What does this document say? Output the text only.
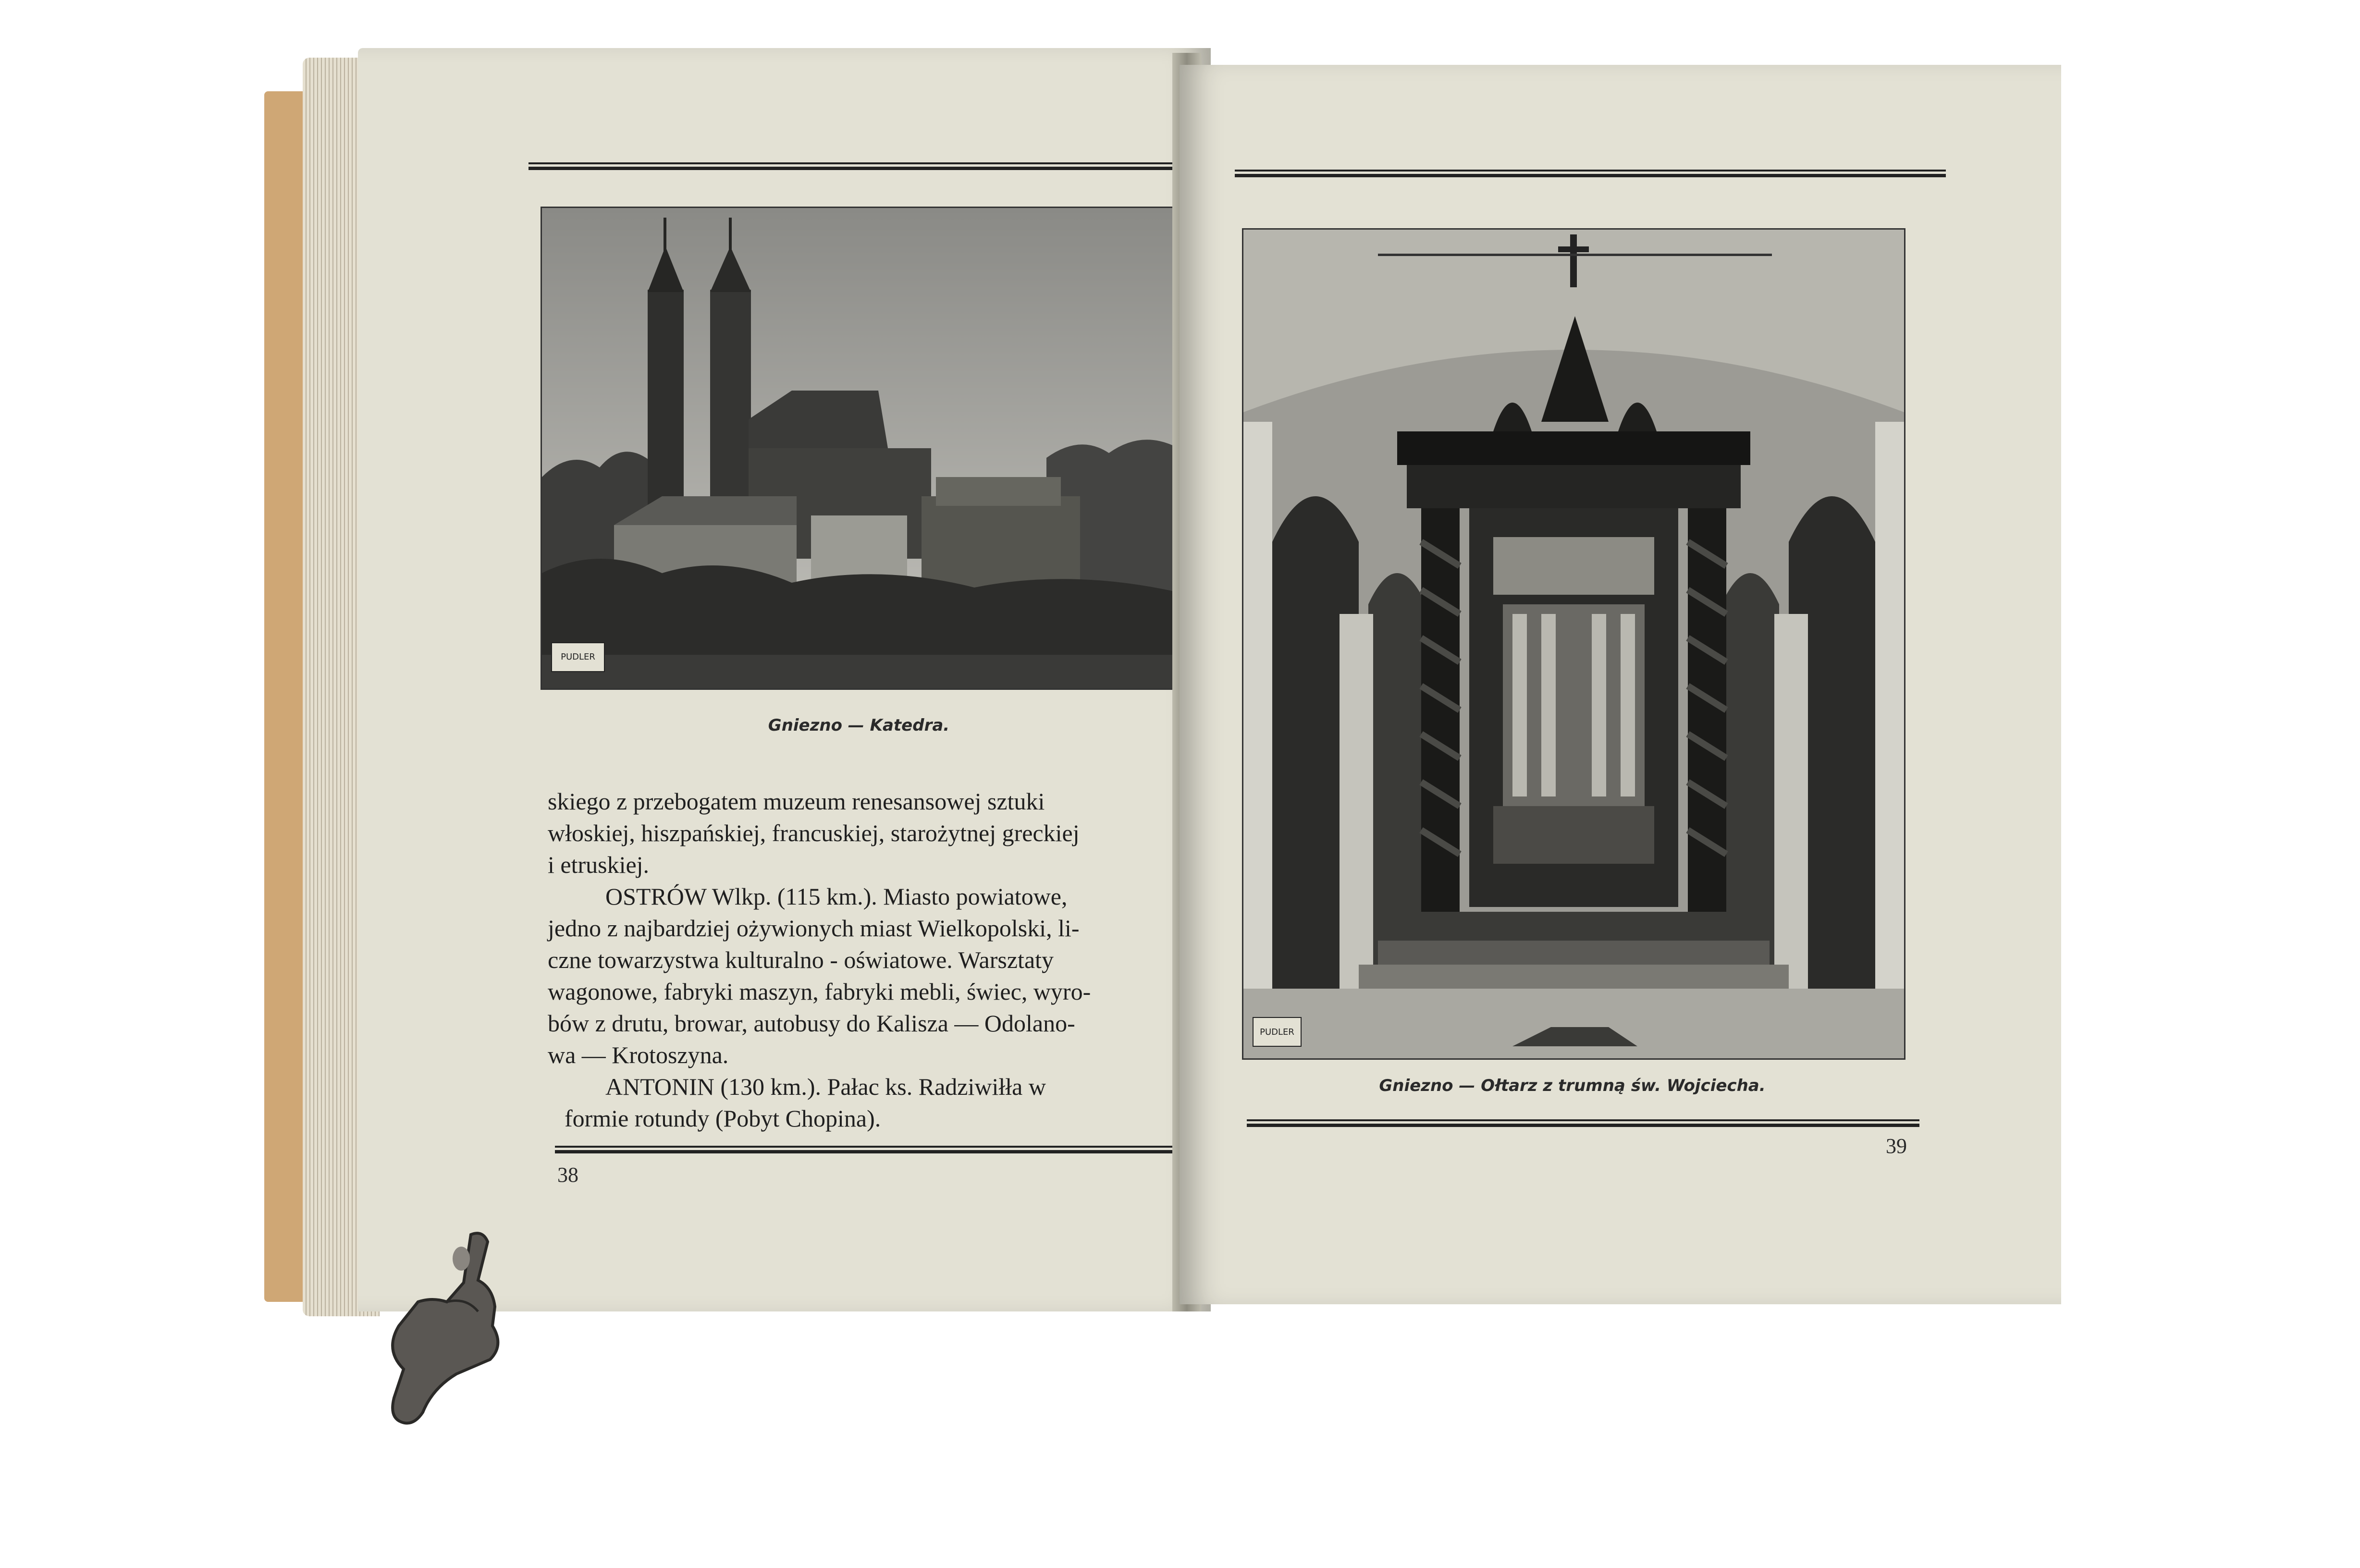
PUDLER
Gniezno — Katedra.
skiego z przebogatem muzeum renesansowej sztuki
włoskiej, hiszpańskiej, francuskiej, starożytnej greckiej
i etruskiej.
OSTRÓW Wlkp. (115 km.). Miasto powiatowe,
jedno z najbardziej ożywionych miast Wielkopolski, li-
czne towarzystwa kulturalno - oświatowe. Warsztaty
wagonowe, fabryki maszyn, fabryki mebli, świec, wyro-
bów z drutu, browar, autobusy do Kalisza — Odolano-
wa — Krotoszyna.
ANTONIN (130 km.). Pałac ks. Radziwiłła w
formie rotundy (Pobyt Chopina).
38
PUDLER
Gniezno — Ołtarz z trumną św. Wojciecha.
39
